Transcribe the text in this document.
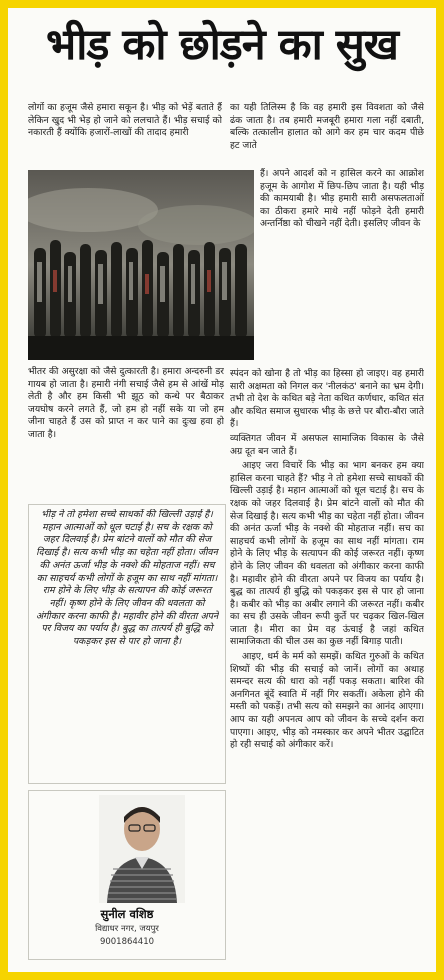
भीड़ को छोड़ने का सुख

लोगों का हजूम जैसे हमारा सकून है। भीड़ को भेड़ें बताते हैं लेकिन खुद भी भेड़ हो जाने को ललचाते हैं। भीड़ सचाई को नकारती हैं क्योंकि हजारों-लाखों की तादाद हमारी

का यही तिलिस्म है कि वह हमारी इस विवशता को जैसे ढंक जाता है। तब हमारी मजबूरी हमारा गला नहीं दबाती, बल्कि तत्कालीन हालात को आगे कर हम चार कदम पीछे हट जाते

हैं। अपने आदर्श को न हासिल करने का आक्रोश हजूम के आगोश में छिप-छिप जाता है। यही भीड़ की कामयाबी है। भीड़ हमारी सारी असफलताओं का ठीकरा हमारे माथे नहीं फोड़ने देती हमारी अन्तर्निष्ठा को चीखने नहीं देती। इसलिए जीवन के

भीतर की असुरक्षा को जैसे दुत्कारती है। हमारा अन्दरुनी डर गायब हो जाता है। हमारी नंगी सचाई जैसे हम से आंखें मोड़ लेती है और हम किसी भी झूठ को कन्धे पर बैठाकर जयघोष करने लगते हैं, जो हम हो नहीं सके या जो हम जीना चाहते हैं उस को प्राप्त न कर पाने का दुःख हवा हो जाता है।

भीड़ ने तो हमेशा सच्चे साधकों की खिल्ली उड़ाई है। महान आत्माओं को धूल चटाई है। सच के रक्षक को जहर दिलवाई है। प्रेम बांटने वालों को मौत की सेज दिखाई है। सत्य कभी भीड़ का चहेता नहीं होता। जीवन की अनंत ऊर्जा भीड़ के नक्शे की मोहताज नहीं। सच का साहचर्य कभी लोगों के हजूम का साथ नहीं मांगता। राम होने के लिए भीड़ के सत्यापन की कोई जरूरत नहीं। कृष्ण होने के लिए जीवन की धवलता को अंगीकार करना काफी है। महावीर होने की वीरता अपने पर विजय का पर्याय है। बुद्ध का तात्पर्य ही बुद्धि को पकड़कर इस से पार हो जाना है।
सुनील वशिष्ठ
विद्याधर नगर, जयपुर
9001864410

स्पंदन को खोना है तो भीड़ का हिस्सा हो जाइए। वह हमारी सारी अक्षमता को निगल कर 'नीलकंठ' बनाने का भ्रम देगी। तभी तो देश के कथित बड़े नेता कथित कर्णधार, कथित संत और कथित समाज सुधारक भीड़ के छत्ते पर बौरा-बौरा जाते हैं।

व्यक्तिगत जीवन में असफल सामाजिक विकास के जैसे अग्र दूत बन जाते हैं।

आइए जरा विचारें कि भीड़ का भाग बनकर हम क्या हासिल करना चाहते हैं? भीड़ ने तो हमेशा सच्चे साधकों की खिल्ली उड़ाई है। महान आत्माओं को धूल चटाई है। सच के रक्षक को जहर दिलवाई है। प्रेम बांटने वालों को मौत की सेज दिखाई है। सत्य कभी भीड़ का चहेता नहीं होता। जीवन की अनंत ऊर्जा भीड़ के नक्शे की मोहताज नहीं। सच का साहचर्य कभी लोगों के हजूम का साथ नहीं मांगता। राम होने के लिए भीड़ के सत्यापन की कोई जरूरत नहीं। कृष्ण होने के लिए जीवन की धवलता को अंगीकार करना काफी है। महावीर होने की वीरता अपने पर विजय का पर्याय है। बुद्ध का तात्पर्य ही बुद्धि को पकड़कर इस से पार हो जाना है। कबीर को भीड़ का अबीर लगाने की जरूरत नहीं। कबीर का सच ही उसके जीवन रूपी कुर्ते पर चढ़कर खिल-खिल जाता है। मीरा का प्रेम वह ऊंचाई है जहां कथित सामाजिकता की चील उस का कुछ नहीं बिगाड़ पाती।

आइए, धर्म के मर्म को समझें। कथित गुरुओं के कथित शिष्यों की भीड़ की सचाई को जानें। लोगों का अथाह समन्दर सत्य की धारा को नहीं पकड़ सकता। बारिश की अनगिनत बूंदें स्वाति में नहीं गिर सकतीं। अकेला होने की मस्ती को पकड़ें। तभी सत्य को समझने का आनंद आएगा। आप का यही अपनत्व आप को जीवन के सच्चे दर्शन करा पाएगा। आइए, भीड़ को नमस्कार कर अपने भीतर उद्घाटित हो रही सचाई को अंगीकार करें।
